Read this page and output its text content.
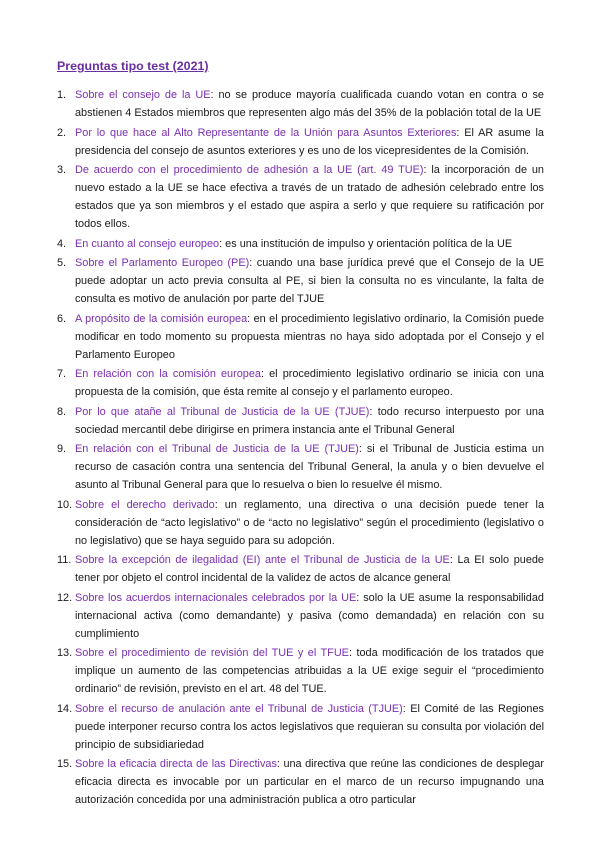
Preguntas tipo test (2021)
1. Sobre el consejo de la UE: no se produce mayoría cualificada cuando votan en contra o se abstienen 4 Estados miembros que representen algo más del 35% de la población total de la UE
2. Por lo que hace al Alto Representante de la Unión para Asuntos Exteriores: El AR asume la presidencia del consejo de asuntos exteriores y es uno de los vicepresidentes de la Comisión.
3. De acuerdo con el procedimiento de adhesión a la UE (art. 49 TUE): la incorporación de un nuevo estado a la UE se hace efectiva a través de un tratado de adhesión celebrado entre los estados que ya son miembros y el estado que aspira a serlo y que requiere su ratificación por todos ellos.
4. En cuanto al consejo europeo: es una institución de impulso y orientación política de la UE
5. Sobre el Parlamento Europeo (PE): cuando una base jurídica prevé que el Consejo de la UE puede adoptar un acto previa consulta al PE, si bien la consulta no es vinculante, la falta de consulta es motivo de anulación por parte del TJUE
6. A propósito de la comisión europea: en el procedimiento legislativo ordinario, la Comisión puede modificar en todo momento su propuesta mientras no haya sido adoptada por el Consejo y el Parlamento Europeo
7. En relación con la comisión europea: el procedimiento legislativo ordinario se inicia con una propuesta de la comisión, que ésta remite al consejo y el parlamento europeo.
8. Por lo que atañe al Tribunal de Justicia de la UE (TJUE): todo recurso interpuesto por una sociedad mercantil debe dirigirse en primera instancia ante el Tribunal General
9. En relación con el Tribunal de Justicia de la UE (TJUE): si el Tribunal de Justicia estima un recurso de casación contra una sentencia del Tribunal General, la anula y o bien devuelve el asunto al Tribunal General para que lo resuelva o bien lo resuelve él mismo.
10. Sobre el derecho derivado: un reglamento, una directiva o una decisión puede tener la consideración de “acto legislativo” o de “acto no legislativo” según el procedimiento (legislativo o no legislativo) que se haya seguido para su adopción.
11. Sobre la excepción de ilegalidad (EI) ante el Tribunal de Justicia de la UE: La EI solo puede tener por objeto el control incidental de la validez de actos de alcance general
12. Sobre los acuerdos internacionales celebrados por la UE: solo la UE asume la responsabilidad internacional activa (como demandante) y pasiva (como demandada) en relación con su cumplimiento
13. Sobre el procedimiento de revisión del TUE y el TFUE: toda modificación de los tratados que implique un aumento de las competencias atribuidas a la UE exige seguir el “procedimiento ordinario” de revisión, previsto en el art. 48 del TUE.
14. Sobre el recurso de anulación ante el Tribunal de Justicia (TJUE): El Comité de las Regiones puede interponer recurso contra los actos legislativos que requieran su consulta por violación del principio de subsidiariedad
15. Sobre la eficacia directa de las Directivas: una directiva que reúne las condiciones de desplegar eficacia directa es invocable por un particular en el marco de un recurso impugnando una autorización concedida por una administración publica a otro particular
